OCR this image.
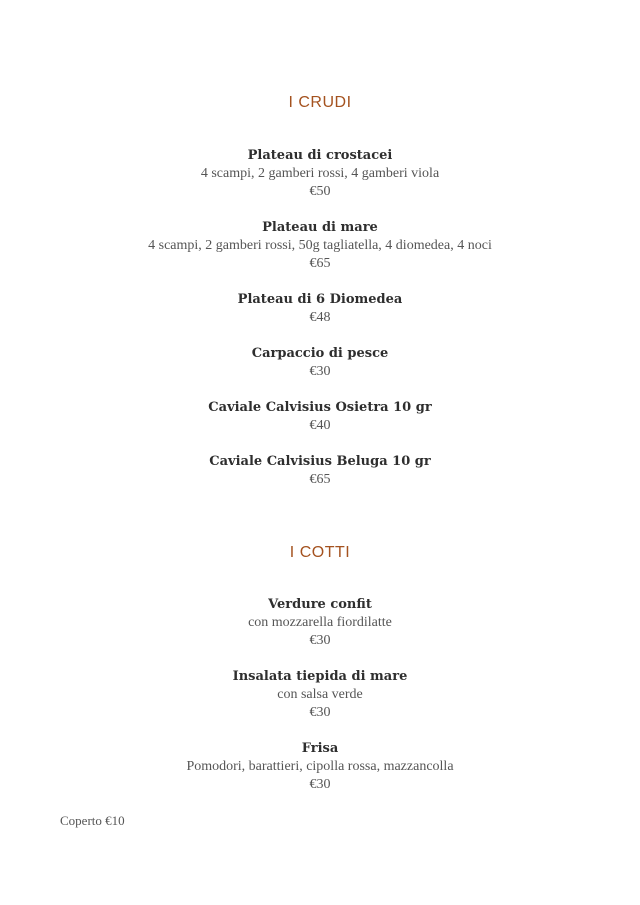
I CRUDI
Plateau di crostacei
4 scampi, 2 gamberi rossi, 4 gamberi viola
€50
Plateau di mare
4 scampi, 2 gamberi rossi, 50g tagliatella, 4 diomedea, 4 noci
€65
Plateau di 6 Diomedea
€48
Carpaccio di pesce
€30
Caviale Calvisius Osietra 10 gr
€40
Caviale Calvisius Beluga 10 gr
€65
I COTTI
Verdure confit
con mozzarella fiordilatte
€30
Insalata tiepida di mare
con salsa verde
€30
Frisa
Pomodori, barattieri, cipolla rossa, mazzancolla
€30
Coperto €10
